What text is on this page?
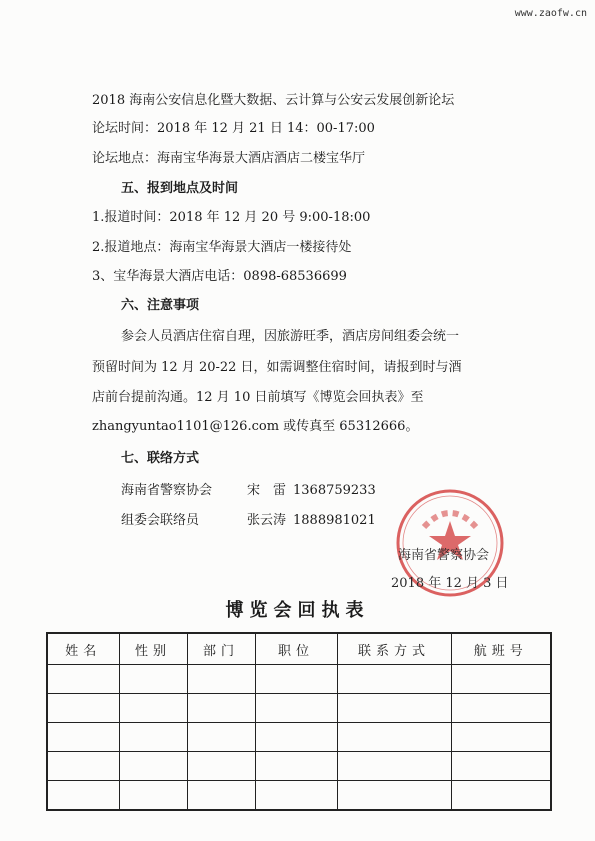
www.zaofw.cn
2018 海南公安信息化暨大数据、云计算与公安云发展创新论坛
论坛时间：2018 年 12 月 21 日 14：00-17:00
论坛地点：海南宝华海景大酒店酒店二楼宝华厅
五、报到地点及时间
1.报道时间：2018 年 12 月 20 号 9:00-18:00
2.报道地点：海南宝华海景大酒店一楼接待处
3、宝华海景大酒店电话：0898-68536699
六、注意事项
参会人员酒店住宿自理，因旅游旺季，酒店房间组委会统一
预留时间为 12 月 20-22 日，如需调整住宿时间，请报到时与酒
店前台提前沟通。12 月 10 日前填写《博览会回执表》至
zhangyuntao1101@126.com 或传真至 65312666。
七、联络方式
海南省警察协会	宋　雷 1368759233
组委会联络员	张云涛 1888981021
海南省警察协会
2018 年 12 月 3 日
博览会回执表
姓名	性别	部门	职位	联系方式	航班号
